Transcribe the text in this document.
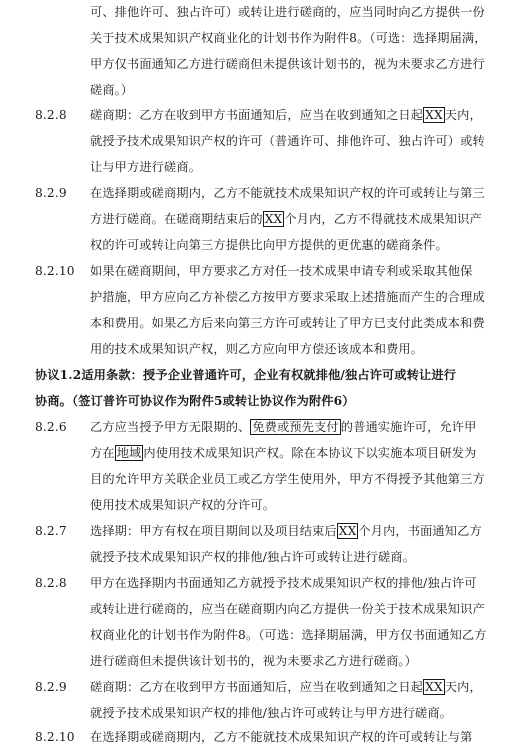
可、排他许可、独占许可）或转让进行磋商的，应当同时向乙方提供一份
关于技术成果知识产权商业化的计划书作为附件8。（可选：选择期届满，
甲方仅书面通知乙方进行磋商但未提供该计划书的，视为未要求乙方进行
磋商。）
8.2.8 磋商期：乙方在收到甲方书面通知后，应当在收到通知之日起 XX 天内，
就授予技术成果知识产权的许可（普通许可、排他许可、独占许可）或转
让与甲方进行磋商。
8.2.9 在选择期或磋商期内，乙方不能就技术成果知识产权的许可或转让与第三
方进行磋商。在磋商期结束后的 XX 个月内，乙方不得就技术成果知识产
权的许可或转让向第三方提供比向甲方提供的更优惠的磋商条件。
8.2.10 如果在磋商期间，甲方要求乙方对任一技术成果申请专利或采取其他保
护措施，甲方应向乙方补偿乙方按甲方要求采取上述措施而产生的合理成
本和费用。如果乙方后来向第三方许可或转让了甲方已支付此类成本和费
用的技术成果知识产权，则乙方应向甲方偿还该成本和费用。
协议1.2适用条款：授予企业普通许可，企业有权就排他/独占许可或转让进行
协商。（签订普许可协议作为附件5或转让协议作为附件6）
8.2.6 乙方应当授予甲方无限期的、 免费或预先支付 的普通实施许可，允许甲
方在 地域 内使用技术成果知识产权。除在本协议下以实施本项目研发为
目的允许甲方关联企业员工或乙方学生使用外，甲方不得授予其他第三方
使用技术成果知识产权的分许可。
8.2.7 选择期：甲方有权在项目期间以及项目结束后 XX 个月内，书面通知乙方
就授予技术成果知识产权的排他/独占许可或转让进行磋商。
8.2.8 甲方在选择期内书面通知乙方就授予技术成果知识产权的排他/独占许可
或转让进行磋商的，应当在磋商期内向乙方提供一份关于技术成果知识产
权商业化的计划书作为附件8。（可选：选择期届满，甲方仅书面通知乙方
进行磋商但未提供该计划书的，视为未要求乙方进行磋商。）
8.2.9 磋商期：乙方在收到甲方书面通知后，应当在收到通知之日起 XX 天内，
就授予技术成果知识产权的排他/独占许可或转让与甲方进行磋商。
8.2.10 在选择期或磋商期内，乙方不能就技术成果知识产权的许可或转让与第
